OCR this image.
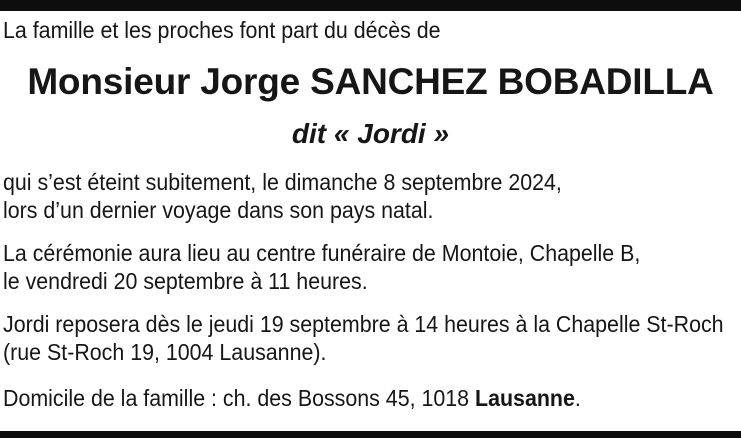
La famille et les proches font part du décès de

Monsieur Jorge SANCHEZ BOBADILLA
dit « Jordi »

qui s’est éteint subitement, le dimanche 8 septembre 2024,
lors d’un dernier voyage dans son pays natal.

La cérémonie aura lieu au centre funéraire de Montoie, Chapelle B,
le vendredi 20 septembre à 11 heures.

Jordi reposera dès le jeudi 19 septembre à 14 heures à la Chapelle St-Roch
(rue St-Roch 19, 1004 Lausanne).

Domicile de la famille : ch. des Bossons 45, 1018 Lausanne.
